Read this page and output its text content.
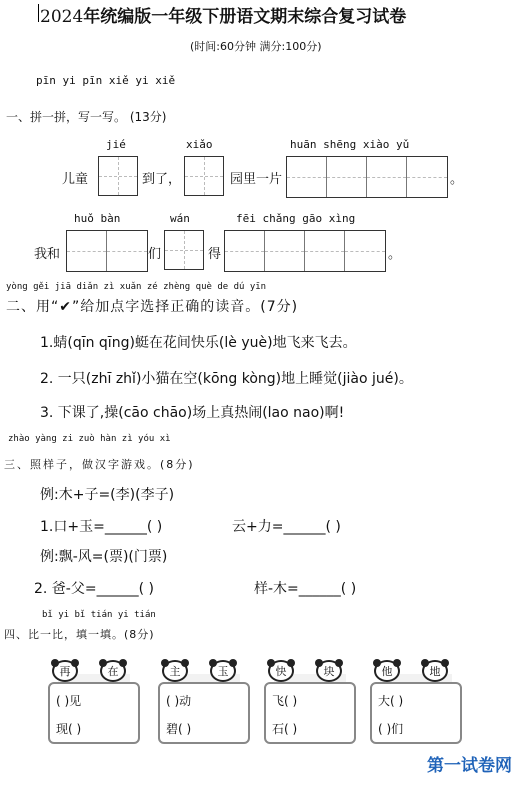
2024年统编版一年级下册语文期末综合复习试卷
(时间:60分钟 满分:100分)
pīn yi pīn xiě yi xiě
一、拼一拼，写一写。 (13分)
jié	xiǎo	huān shēng xiào yǔ
儿童	到了，	园里一片	。
huǒ bàn	wán	fēi chǎng gāo xìng
我和	们	得	。
yòng gěi jiā diǎn zì xuǎn zé zhèng què de dú yīn
二、用“✔”给加点字选择正确的读音。(7分)
1.蜻(qīn qīng)蜓在花间快乐(lè yuè)地飞来飞去。
2. 一只(zhī zhǐ)小猫在空(kōng kòng)地上睡觉(jiào jué)。
3. 下课了,操(cāo chāo)场上真热闹(lao nao)啊!
zhào yàng zi zuò hàn zì yóu xì
三、照样子，做汉字游戏。(8分)
例:木+子=(李)(李子)
1.口+玉=______( )	云+力=______( )
例:飘-风=(票)(门票)
2. 爸-父=______( )	样-木=______( )
bǐ yi bǐ tián yi tián
四、比一比，填一填。(8分)
再	在
( )见
现( )
主	玉
( )动
碧( )
快	块
飞( )
石( )
他	地
大( )
( )们
第一试卷网
